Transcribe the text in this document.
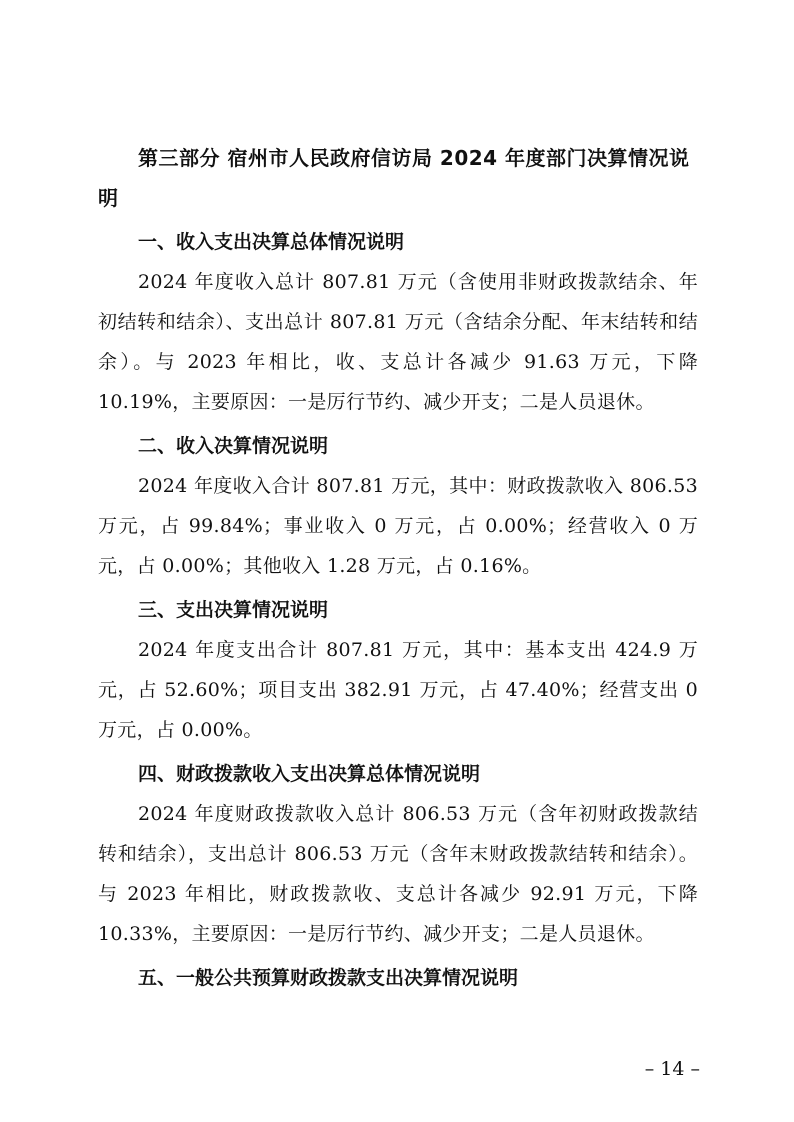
第三部分 宿州市人民政府信访局 2024 年度部门决算情况说明

一、收入支出决算总体情况说明

2024 年度收入总计 807.81 万元（含使用非财政拨款结余、年初结转和结余）、支出总计 807.81 万元（含结余分配、年末结转和结余）。与 2023 年相比，收、支总计各减少 91.63 万元，下降 10.19%，主要原因：一是厉行节约、减少开支；二是人员退休。

二、收入决算情况说明

2024 年度收入合计 807.81 万元，其中：财政拨款收入 806.53 万元，占 99.84%；事业收入 0 万元，占 0.00%；经营收入 0 万元，占 0.00%；其他收入 1.28 万元，占 0.16%。

三、支出决算情况说明

2024 年度支出合计 807.81 万元，其中：基本支出 424.9 万元，占 52.60%；项目支出 382.91 万元，占 47.40%；经营支出 0 万元，占 0.00%。

四、财政拨款收入支出决算总体情况说明

2024 年度财政拨款收入总计 806.53 万元（含年初财政拨款结转和结余），支出总计 806.53 万元（含年末财政拨款结转和结余）。与 2023 年相比，财政拨款收、支总计各减少 92.91 万元，下降 10.33%，主要原因：一是厉行节约、减少开支；二是人员退休。

五、一般公共预算财政拨款支出决算情况说明

– 14 –
